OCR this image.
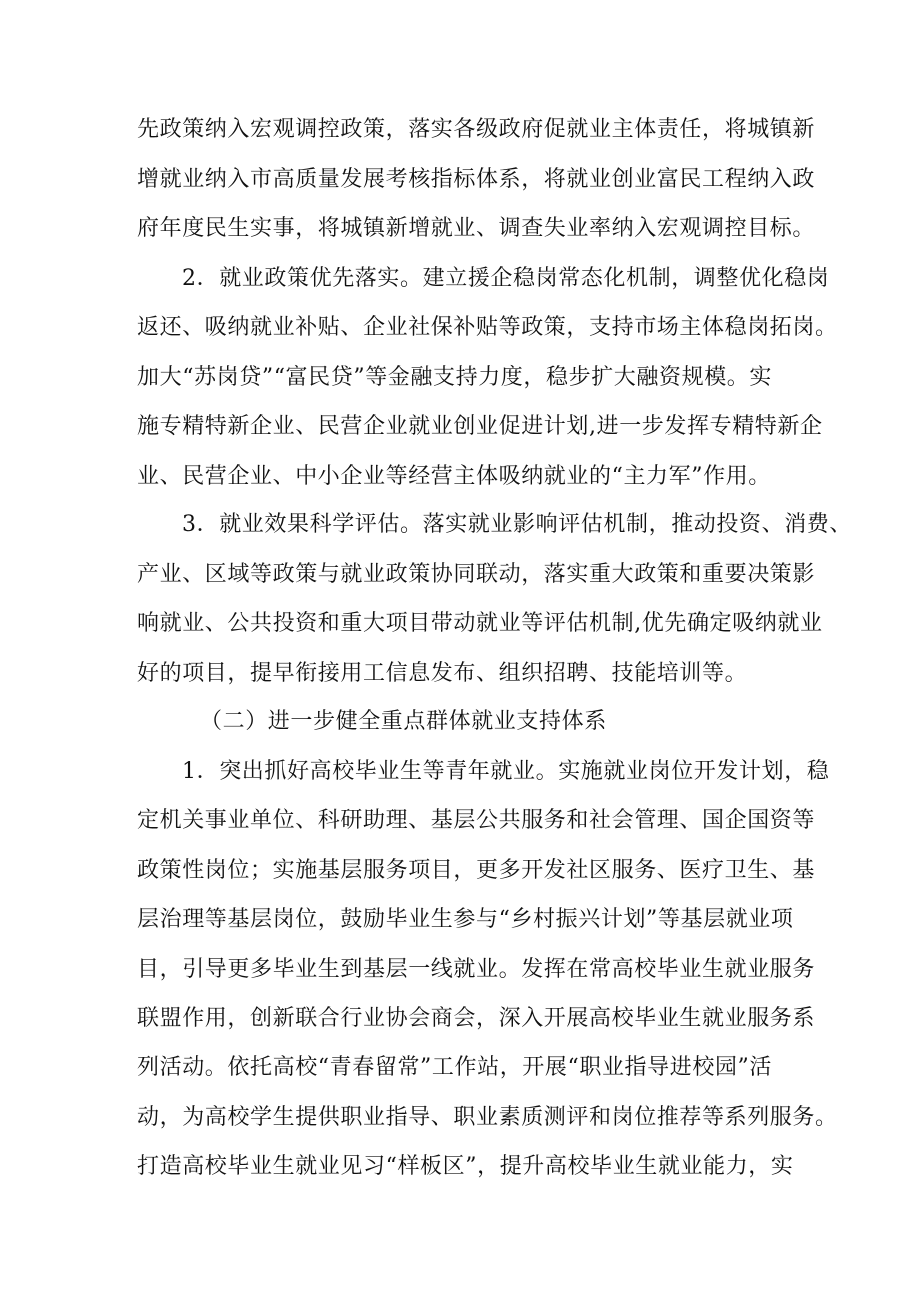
先政策纳入宏观调控政策，落实各级政府促就业主体责任，将城镇新
增就业纳入市高质量发展考核指标体系，将就业创业富民工程纳入政
府年度民生实事，将城镇新增就业、调查失业率纳入宏观调控目标。
2．就业政策优先落实。建立援企稳岗常态化机制，调整优化稳岗
返还、吸纳就业补贴、企业社保补贴等政策，支持市场主体稳岗拓岗。
加大“苏岗贷”“富民贷”等金融支持力度，稳步扩大融资规模。实
施专精特新企业、民营企业就业创业促进计划,进一步发挥专精特新企
业、民营企业、中小企业等经营主体吸纳就业的“主力军”作用。
3．就业效果科学评估。落实就业影响评估机制，推动投资、消费、
产业、区域等政策与就业政策协同联动，落实重大政策和重要决策影
响就业、公共投资和重大项目带动就业等评估机制,优先确定吸纳就业
好的项目，提早衔接用工信息发布、组织招聘、技能培训等。
（二）进一步健全重点群体就业支持体系
1．突出抓好高校毕业生等青年就业。实施就业岗位开发计划，稳
定机关事业单位、科研助理、基层公共服务和社会管理、国企国资等
政策性岗位；实施基层服务项目，更多开发社区服务、医疗卫生、基
层治理等基层岗位，鼓励毕业生参与“乡村振兴计划”等基层就业项
目，引导更多毕业生到基层一线就业。发挥在常高校毕业生就业服务
联盟作用，创新联合行业协会商会，深入开展高校毕业生就业服务系
列活动。依托高校“青春留常”工作站，开展“职业指导进校园”活
动，为高校学生提供职业指导、职业素质测评和岗位推荐等系列服务。
打造高校毕业生就业见习“样板区”，提升高校毕业生就业能力，实
